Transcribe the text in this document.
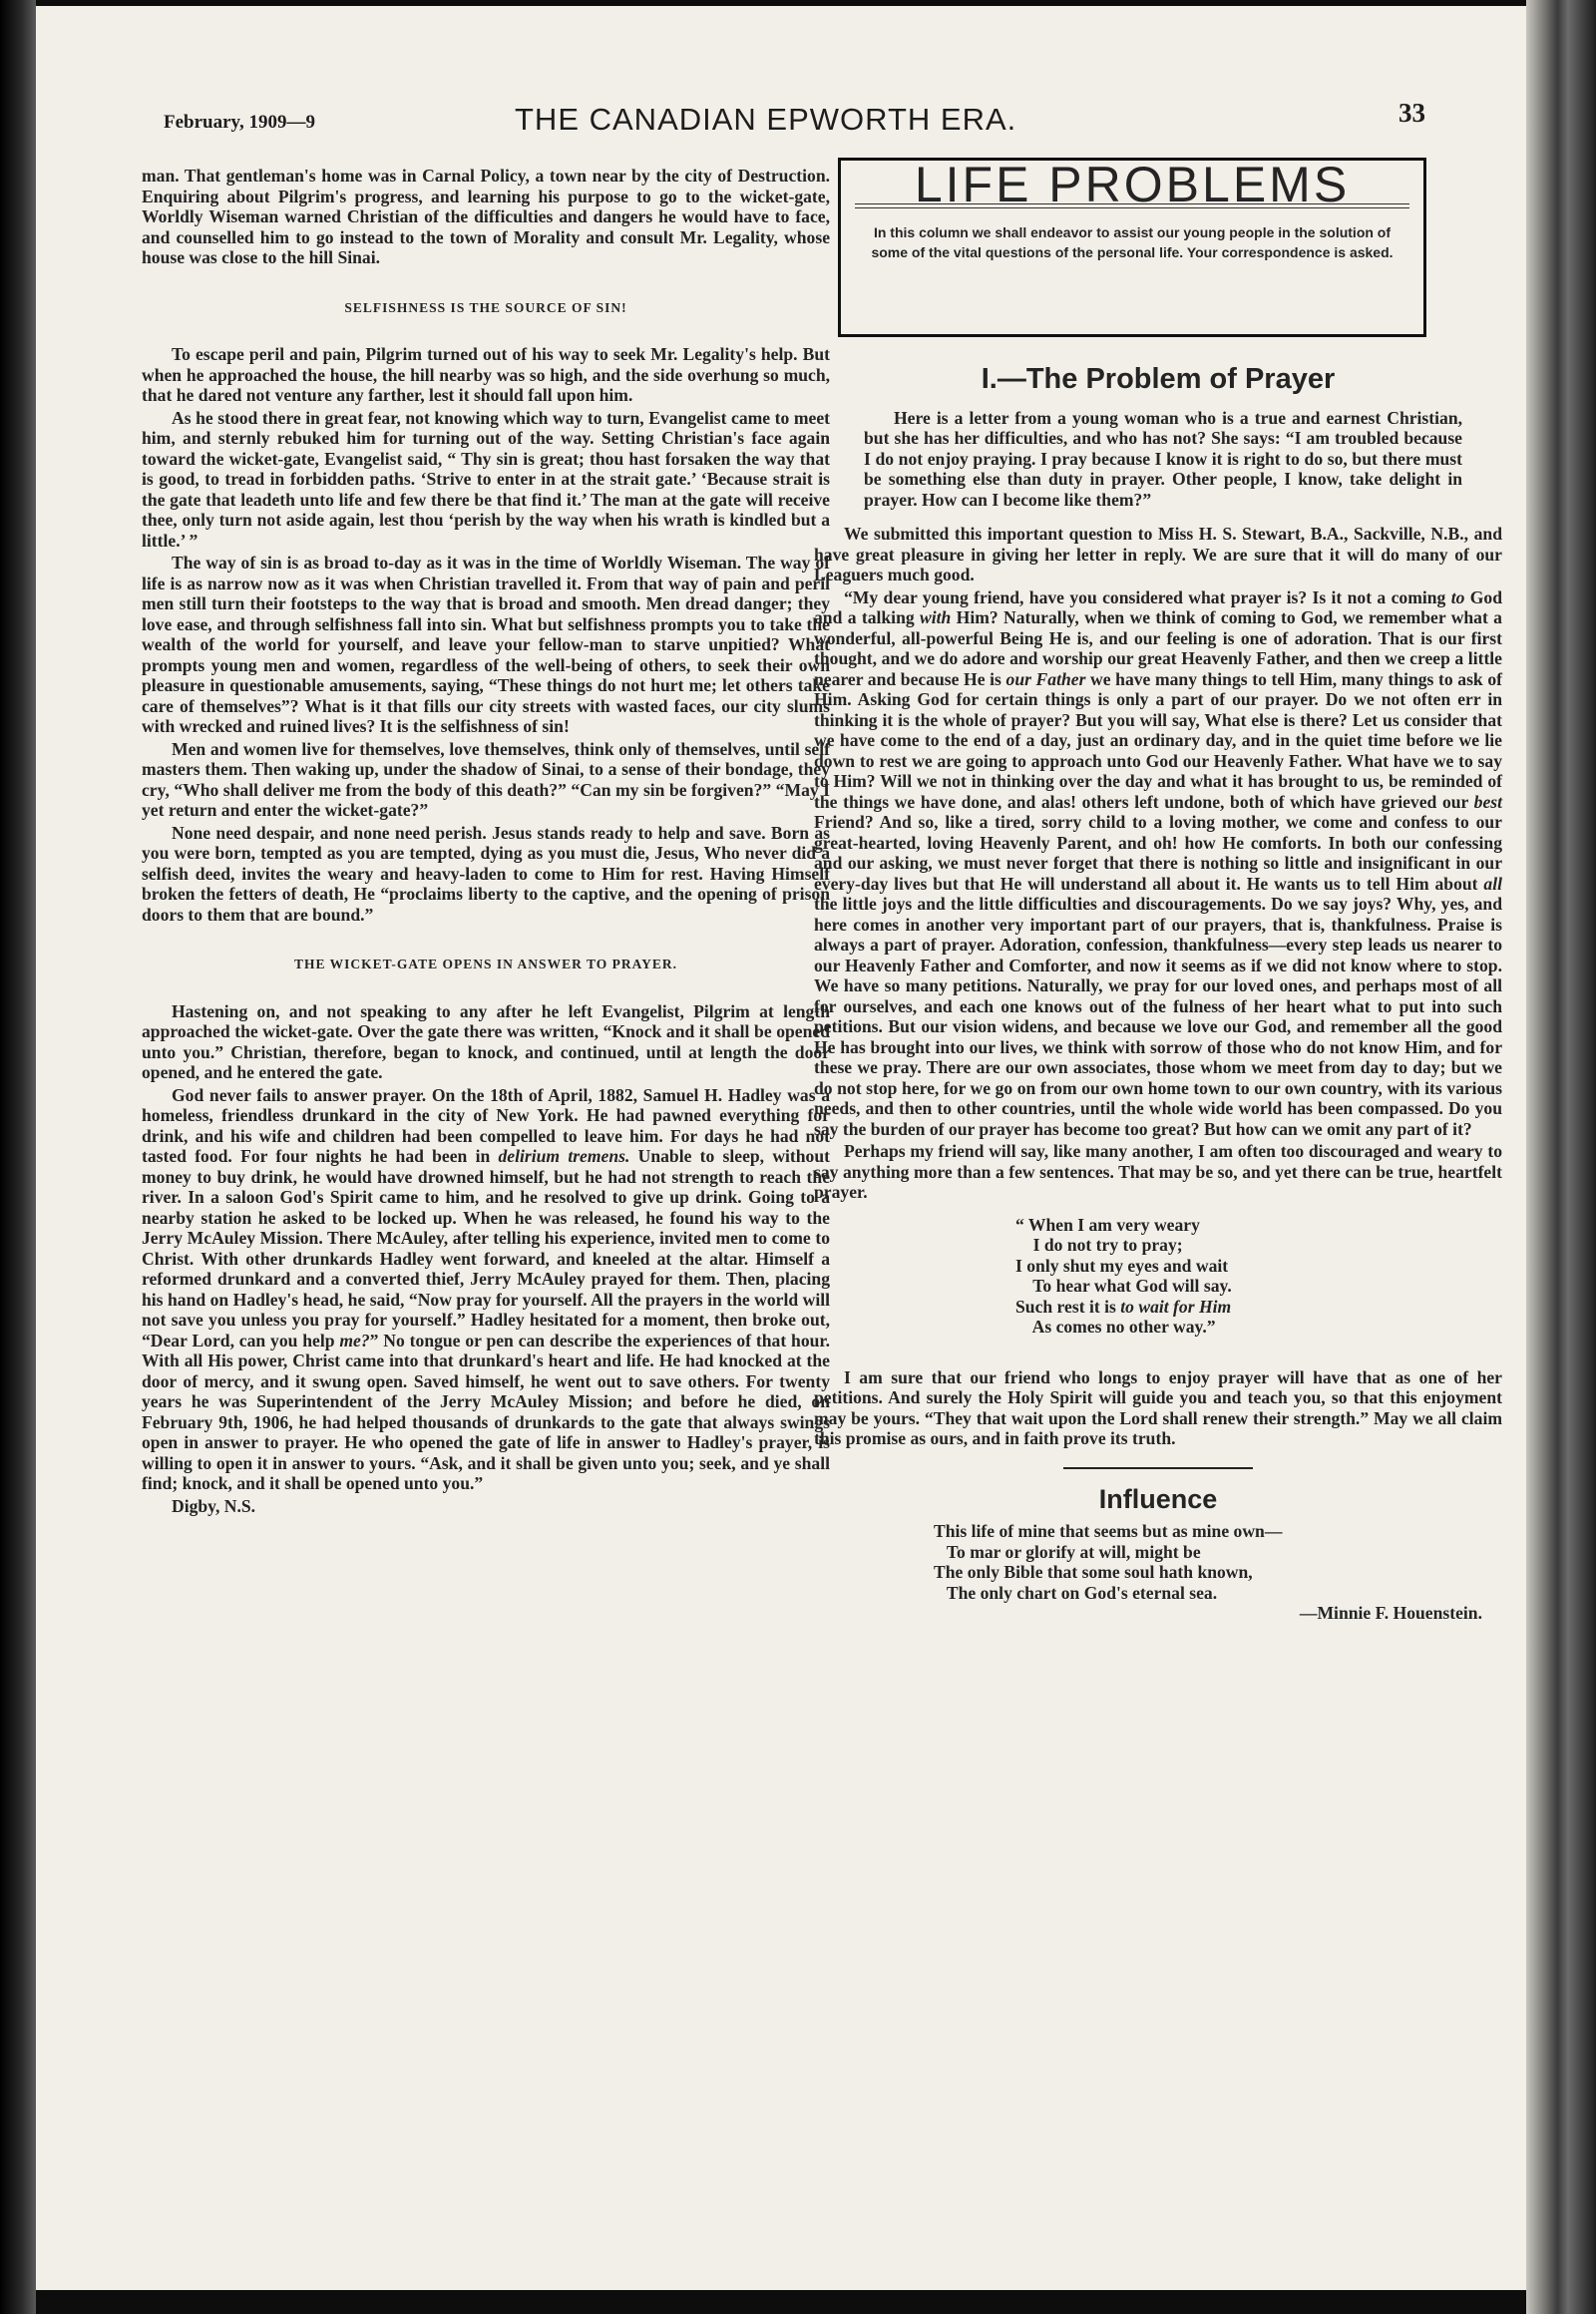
February, 1909—9	THE CANADIAN EPWORTH ERA.	33

man. That gentleman's home was in Carnal Policy, a town near by the city of Destruction. Enquiring about Pilgrim's progress, and learning his purpose to go to the wicket-gate, Worldly Wiseman warned Christian of the difficulties and dangers he would have to face, and counselled him to go instead to the town of Morality and consult Mr. Legality, whose house was close to the hill Sinai.

SELFISHNESS IS THE SOURCE OF SIN!

To escape peril and pain, Pilgrim turned out of his way to seek Mr. Legality's help. But when he approached the house, the hill nearby was so high, and the side overhung so much, that he dared not venture any farther, lest it should fall upon him.

As he stood there in great fear, not knowing which way to turn, Evangelist came to meet him, and sternly rebuked him for turning out of the way. Setting Christian's face again toward the wicket-gate, Evangelist said, “ Thy sin is great; thou hast forsaken the way that is good, to tread in forbidden paths. ‘Strive to enter in at the strait gate.’ ‘Because strait is the gate that leadeth unto life and few there be that find it.’ The man at the gate will receive thee, only turn not aside again, lest thou ‘perish by the way when his wrath is kindled but a little.’ ”

The way of sin is as broad to-day as it was in the time of Worldly Wiseman. The way of life is as narrow now as it was when Christian travelled it. From that way of pain and peril men still turn their footsteps to the way that is broad and smooth. Men dread danger; they love ease, and through selfishness fall into sin. What but selfishness prompts you to take the wealth of the world for yourself, and leave your fellow-man to starve unpitied? What prompts young men and women, regardless of the well-being of others, to seek their own pleasure in questionable amusements, saying, “These things do not hurt me; let others take care of themselves”? What is it that fills our city streets with wasted faces, our city slums with wrecked and ruined lives? It is the selfishness of sin!

Men and women live for themselves, love themselves, think only of themselves, until self masters them. Then waking up, under the shadow of Sinai, to a sense of their bondage, they cry, “Who shall deliver me from the body of this death?” “Can my sin be forgiven?” “May I yet return and enter the wicket-gate?”

None need despair, and none need perish. Jesus stands ready to help and save. Born as you were born, tempted as you are tempted, dying as you must die, Jesus, Who never did a selfish deed, invites the weary and heavy-laden to come to Him for rest. Having Himself broken the fetters of death, He “proclaims liberty to the captive, and the opening of prison doors to them that are bound.”

THE WICKET-GATE OPENS IN ANSWER TO PRAYER.

Hastening on, and not speaking to any after he left Evangelist, Pilgrim at length approached the wicket-gate. Over the gate there was written, “Knock and it shall be opened unto you.” Christian, therefore, began to knock, and continued, until at length the door opened, and he entered the gate.

God never fails to answer prayer. On the 18th of April, 1882, Samuel H. Hadley was a homeless, friendless drunkard in the city of New York. He had pawned everything for drink, and his wife and children had been compelled to leave him. For days he had not tasted food. For four nights he had been in delirium tremens. Unable to sleep, without money to buy drink, he would have drowned himself, but he had not strength to reach the river. In a saloon God's Spirit came to him, and he resolved to give up drink. Going to a nearby station he asked to be locked up. When he was released, he found his way to the Jerry McAuley Mission. There McAuley, after telling his experience, invited men to come to Christ. With other drunkards Hadley went forward, and kneeled at the altar. Himself a reformed drunkard and a converted thief, Jerry McAuley prayed for them. Then, placing his hand on Hadley's head, he said, “Now pray for yourself. All the prayers in the world will not save you unless you pray for yourself.” Hadley hesitated for a moment, then broke out, “Dear Lord, can you help me?” No tongue or pen can describe the experiences of that hour. With all His power, Christ came into that drunkard's heart and life. He had knocked at the door of mercy, and it swung open. Saved himself, he went out to save others. For twenty years he was Superintendent of the Jerry McAuley Mission; and before he died, on February 9th, 1906, he had helped thousands of drunkards to the gate that always swings open in answer to prayer. He who opened the gate of life in answer to Hadley's prayer, is willing to open it in answer to yours. “Ask, and it shall be given unto you; seek, and ye shall find; knock, and it shall be opened unto you.”

Digby, N.S.

LIFE PROBLEMS
In this column we shall endeavor to assist our young people in the solution of some of the vital questions of the personal life. Your correspondence is asked.
I.—The Problem of Prayer

Here is a letter from a young woman who is a true and earnest Christian, but she has her difficulties, and who has not? She says: “I am troubled because I do not enjoy praying. I pray because I know it is right to do so, but there must be something else than duty in prayer. Other people, I know, take delight in prayer. How can I become like them?”

We submitted this important question to Miss H. S. Stewart, B.A., Sackville, N.B., and have great pleasure in giving her letter in reply. We are sure that it will do many of our Leaguers much good.

“My dear young friend, have you considered what prayer is? Is it not a coming to God and a talking with Him? Naturally, when we think of coming to God, we remember what a wonderful, all-powerful Being He is, and our feeling is one of adoration. That is our first thought, and we do adore and worship our great Heavenly Father, and then we creep a little nearer and because He is our Father we have many things to tell Him, many things to ask of Him. Asking God for certain things is only a part of our prayer. Do we not often err in thinking it is the whole of prayer? But you will say, What else is there? Let us consider that we have come to the end of a day, just an ordinary day, and in the quiet time before we lie down to rest we are going to approach unto God our Heavenly Father. What have we to say to Him? Will we not in thinking over the day and what it has brought to us, be reminded of the things we have done, and alas! others left undone, both of which have grieved our best Friend? And so, like a tired, sorry child to a loving mother, we come and confess to our great-hearted, loving Heavenly Parent, and oh! how He comforts. In both our confessing and our asking, we must never forget that there is nothing so little and insignificant in our every-day lives but that He will understand all about it. He wants us to tell Him about all the little joys and the little difficulties and discouragements. Do we say joys? Why, yes, and here comes in another very important part of our prayers, that is, thankfulness. Praise is always a part of prayer. Adoration, confession, thankfulness—every step leads us nearer to our Heavenly Father and Comforter, and now it seems as if we did not know where to stop. We have so many petitions. Naturally, we pray for our loved ones, and perhaps most of all for ourselves, and each one knows out of the fulness of her heart what to put into such petitions. But our vision widens, and because we love our God, and remember all the good He has brought into our lives, we think with sorrow of those who do not know Him, and for these we pray. There are our own associates, those whom we meet from day to day; but we do not stop here, for we go on from our own home town to our own country, with its various needs, and then to other countries, until the whole wide world has been compassed. Do you say the burden of our prayer has become too great? But how can we omit any part of it?

Perhaps my friend will say, like many another, I am often too discouraged and weary to say anything more than a few sentences. That may be so, and yet there can be true, heartfelt prayer.

“ When I am very weary
I do not try to pray;
I only shut my eyes and wait
To hear what God will say.
Such rest it is to wait for Him
As comes no other way.”

I am sure that our friend who longs to enjoy prayer will have that as one of her petitions. And surely the Holy Spirit will guide you and teach you, so that this enjoyment may be yours. “They that wait upon the Lord shall renew their strength.” May we all claim this promise as ours, and in faith prove its truth.

Influence
This life of mine that seems but as mine own—
To mar or glorify at will, might be
The only Bible that some soul hath known,
The only chart on God's eternal sea.
—Minnie F. Houenstein.
